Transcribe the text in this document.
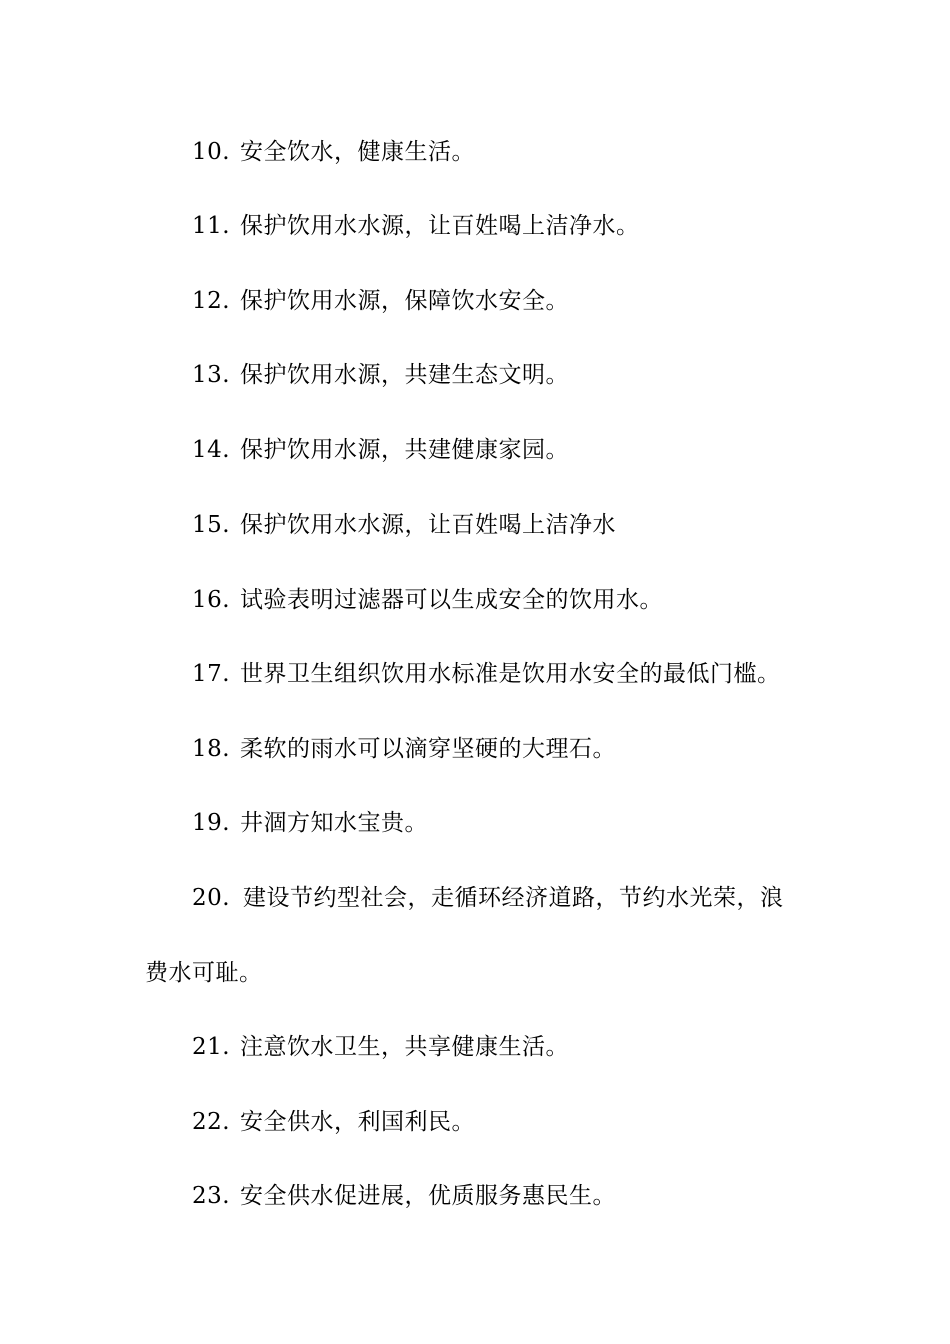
10. 安全饮水，健康生活。
11. 保护饮用水水源，让百姓喝上洁净水。
12. 保护饮用水源，保障饮水安全。
13. 保护饮用水源，共建生态文明。
14. 保护饮用水源，共建健康家园。
15. 保护饮用水水源，让百姓喝上洁净水
16. 试验表明过滤器可以生成安全的饮用水。
17. 世界卫生组织饮用水标准是饮用水安全的最低门槛。
18. 柔软的雨水可以滴穿坚硬的大理石。
19. 井涸方知水宝贵。
20. 建设节约型社会，走循环经济道路，节约水光荣，浪
费水可耻。
21. 注意饮水卫生，共享健康生活。
22. 安全供水，利国利民。
23. 安全供水促进展，优质服务惠民生。
